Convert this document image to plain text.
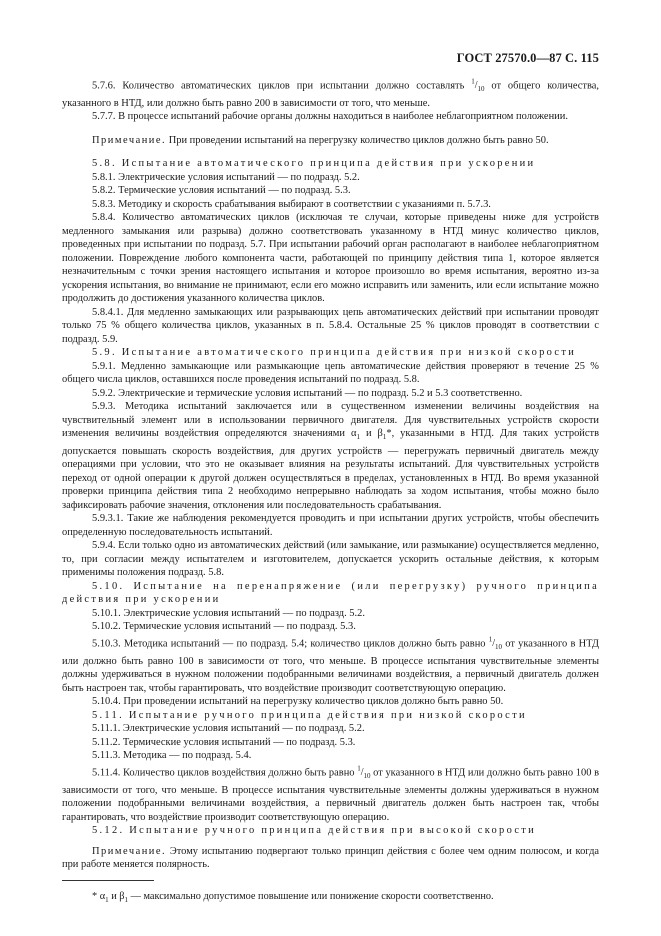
ГОСТ 27570.0—87 С. 115

5.7.6. Количество автоматических циклов при испытании должно составлять $^1/_{10}$ от общего количества, указанного в НТД, или должно быть равно 200 в зависимости от того, что меньше.

5.7.7. В процессе испытаний рабочие органы должны находиться в наиболее неблагоприятном положении.

Примечание. При проведении испытаний на перегрузку количество циклов должно быть равно 50.

5.8. Испытание автоматического принципа действия при ускорении

5.8.1. Электрические условия испытаний — по подразд. 5.2.

5.8.2. Термические условия испытаний — по подразд. 5.3.

5.8.3. Методику и скорость срабатывания выбирают в соответствии с указаниями п. 5.7.3.

5.8.4. Количество автоматических циклов (исключая те случаи, которые приведены ниже для устройств медленного замыкания или разрыва) должно соответствовать указанному в НТД минус количество циклов, проведенных при испытании по подразд. 5.7. При испытании рабочий орган располагают в наиболее неблагоприятном положении. Повреждение любого компонента части, работающей по принципу действия типа 1, которое является незначительным с точки зрения настоящего испытания и которое произошло во время испытания, вероятно из-за ускорения испытания, во внимание не принимают, если его можно исправить или заменить, или если испытание можно продолжить до достижения указанного количества циклов.

5.8.4.1. Для медленно замыкающих или разрывающих цепь автоматических действий при испытании проводят только 75 % общего количества циклов, указанных в п. 5.8.4. Остальные 25 % циклов проводят в соответствии с подразд. 5.9.

5.9. Испытание автоматического принципа действия при низкой скорости

5.9.1. Медленно замыкающие или размыкающие цепь автоматические действия проверяют в течение 25 % общего числа циклов, оставшихся после проведения испытаний по подразд. 5.8.

5.9.2. Электрические и термические условия испытаний — по подразд. 5.2 и 5.3 соответственно.

5.9.3. Методика испытаний заключается или в существенном изменении величины воздействия на чувствительный элемент или в использовании первичного двигателя. Для чувствительных устройств скорости изменения величины воздействия определяются значениями $\alpha_1$ и $\beta_1*$, указанными в НТД. Для таких устройств допускается повышать скорость воздействия, для других устройств — перегружать первичный двигатель между операциями при условии, что это не оказывает влияния на результаты испытаний. Для чувствительных устройств переход от одной операции к другой должен осуществляться в пределах, установленных в НТД. Во время указанной проверки принципа действия типа 2 необходимо непрерывно наблюдать за ходом испытания, чтобы можно было зафиксировать рабочие значения, отклонения или последовательность срабатывания.

5.9.3.1. Такие же наблюдения рекомендуется проводить и при испытании других устройств, чтобы обеспечить определенную последовательность испытаний.

5.9.4. Если только одно из автоматических действий (или замыкание, или размыкание) осуществляется медленно, то, при согласии между испытателем и изготовителем, допускается ускорить остальные действия, к которым применимы положения подразд. 5.8.

5.10. Испытание на перенапряжение (или перегрузку) ручного принципа действия при ускорении

5.10.1. Электрические условия испытаний — по подразд. 5.2.

5.10.2. Термические условия испытаний — по подразд. 5.3.

5.10.3. Методика испытаний — по подразд. 5.4; количество циклов должно быть равно $^1/_{10}$ от указанного в НТД или должно быть равно 100 в зависимости от того, что меньше. В процессе испытания чувствительные элементы должны удерживаться в нужном положении подобранными величинами воздействия, а первичный двигатель должен быть настроен так, чтобы гарантировать, что воздействие производит соответствующую операцию.

5.10.4. При проведении испытаний на перегрузку количество циклов должно быть равно 50.

5.11. Испытание ручного принципа действия при низкой скорости

5.11.1. Электрические условия испытаний — по подразд. 5.2.

5.11.2. Термические условия испытаний — по подразд. 5.3.

5.11.3. Методика — по подразд. 5.4.

5.11.4. Количество циклов воздействия должно быть равно $^1/_{10}$ от указанного в НТД или должно быть равно 100 в зависимости от того, что меньше. В процессе испытания чувствительные элементы должны удерживаться в нужном положении подобранными величинами воздействия, а первичный двигатель должен быть настроен так, чтобы гарантировать, что воздействие производит соответствующую операцию.

5.12. Испытание ручного принципа действия при высокой скорости

Примечание. Этому испытанию подвергают только принцип действия с более чем одним полюсом, и когда при работе меняется полярность.

* $\alpha_1$ и $\beta_1$ — максимально допустимое повышение или понижение скорости соответственно.
